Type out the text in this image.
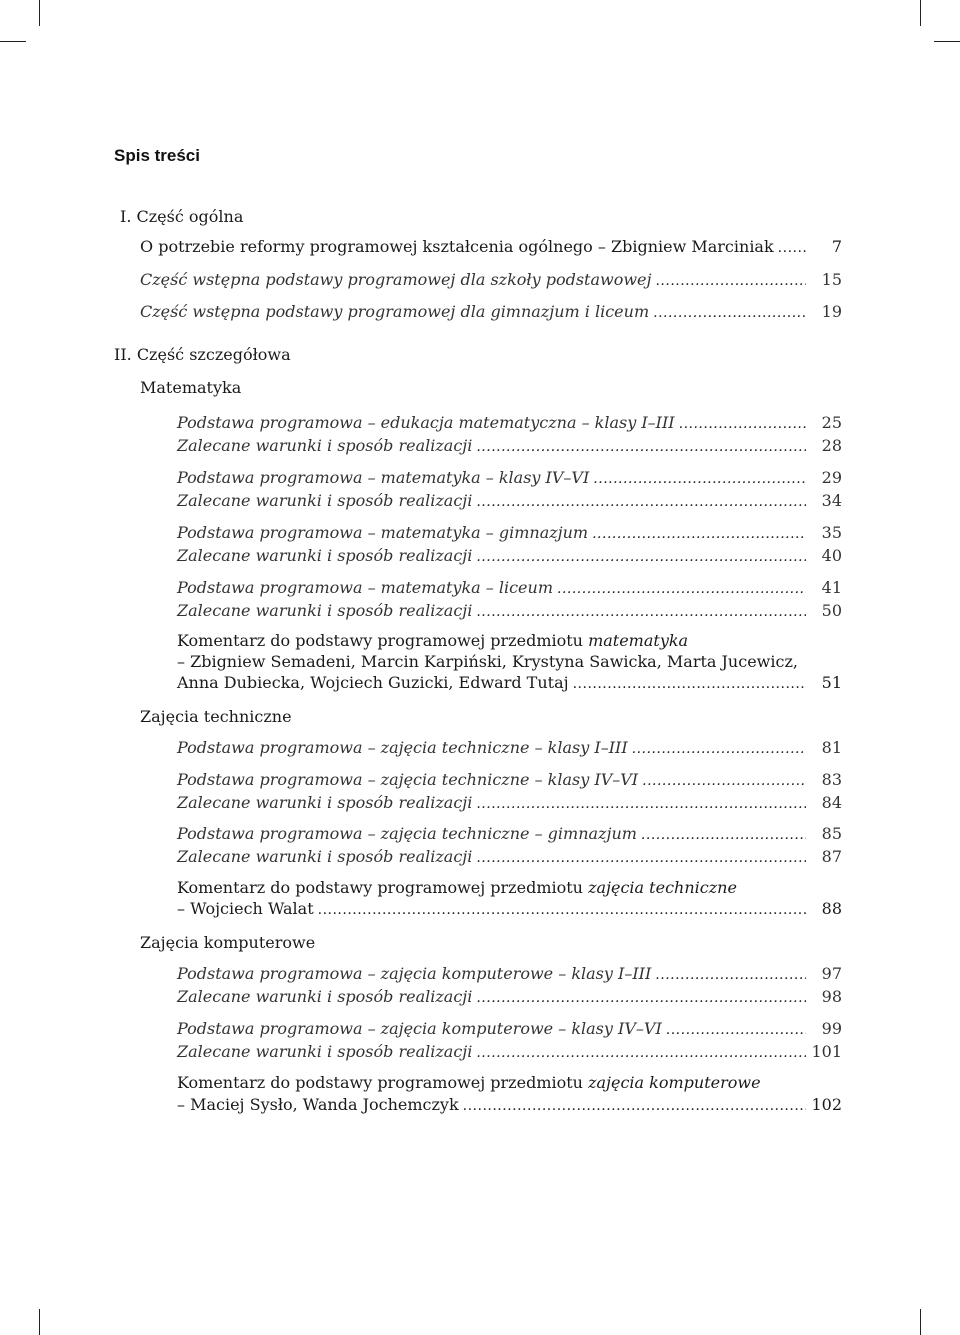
Spis treści
I. Część ogólna
O potrzebie reformy programowej kształcenia ogólnego – Zbigniew Marciniak .....	7
Część wstępna podstawy programowej dla szkoły podstawowej .....	15
Część wstępna podstawy programowej dla gimnazjum i liceum .....	19
II. Część szczegółowa
Matematyka
Podstawa programowa – edukacja matematyczna – klasy I–III .....	25
Zalecane warunki i sposób realizacji .....	28
Podstawa programowa – matematyka – klasy IV–VI .....	29
Zalecane warunki i sposób realizacji .....	34
Podstawa programowa – matematyka – gimnazjum .....	35
Zalecane warunki i sposób realizacji .....	40
Podstawa programowa – matematyka – liceum .....	41
Zalecane warunki i sposób realizacji .....	50
Komentarz do podstawy programowej przedmiotu matematyka
– Zbigniew Semadeni, Marcin Karpiński, Krystyna Sawicka, Marta Jucewicz,
Anna Dubiecka, Wojciech Guzicki, Edward Tutaj .....	51
Zajęcia techniczne
Podstawa programowa – zajęcia techniczne – klasy I–III .....	81
Podstawa programowa – zajęcia techniczne – klasy IV–VI .....	83
Zalecane warunki i sposób realizacji .....	84
Podstawa programowa – zajęcia techniczne – gimnazjum .....	85
Zalecane warunki i sposób realizacji .....	87
Komentarz do podstawy programowej przedmiotu zajęcia techniczne
– Wojciech Walat .....	88
Zajęcia komputerowe
Podstawa programowa – zajęcia komputerowe – klasy I–III .....	97
Zalecane warunki i sposób realizacji .....	98
Podstawa programowa – zajęcia komputerowe – klasy IV–VI .....	99
Zalecane warunki i sposób realizacji .....	101
Komentarz do podstawy programowej przedmiotu zajęcia komputerowe
– Maciej Sysło, Wanda Jochemczyk .....	102
